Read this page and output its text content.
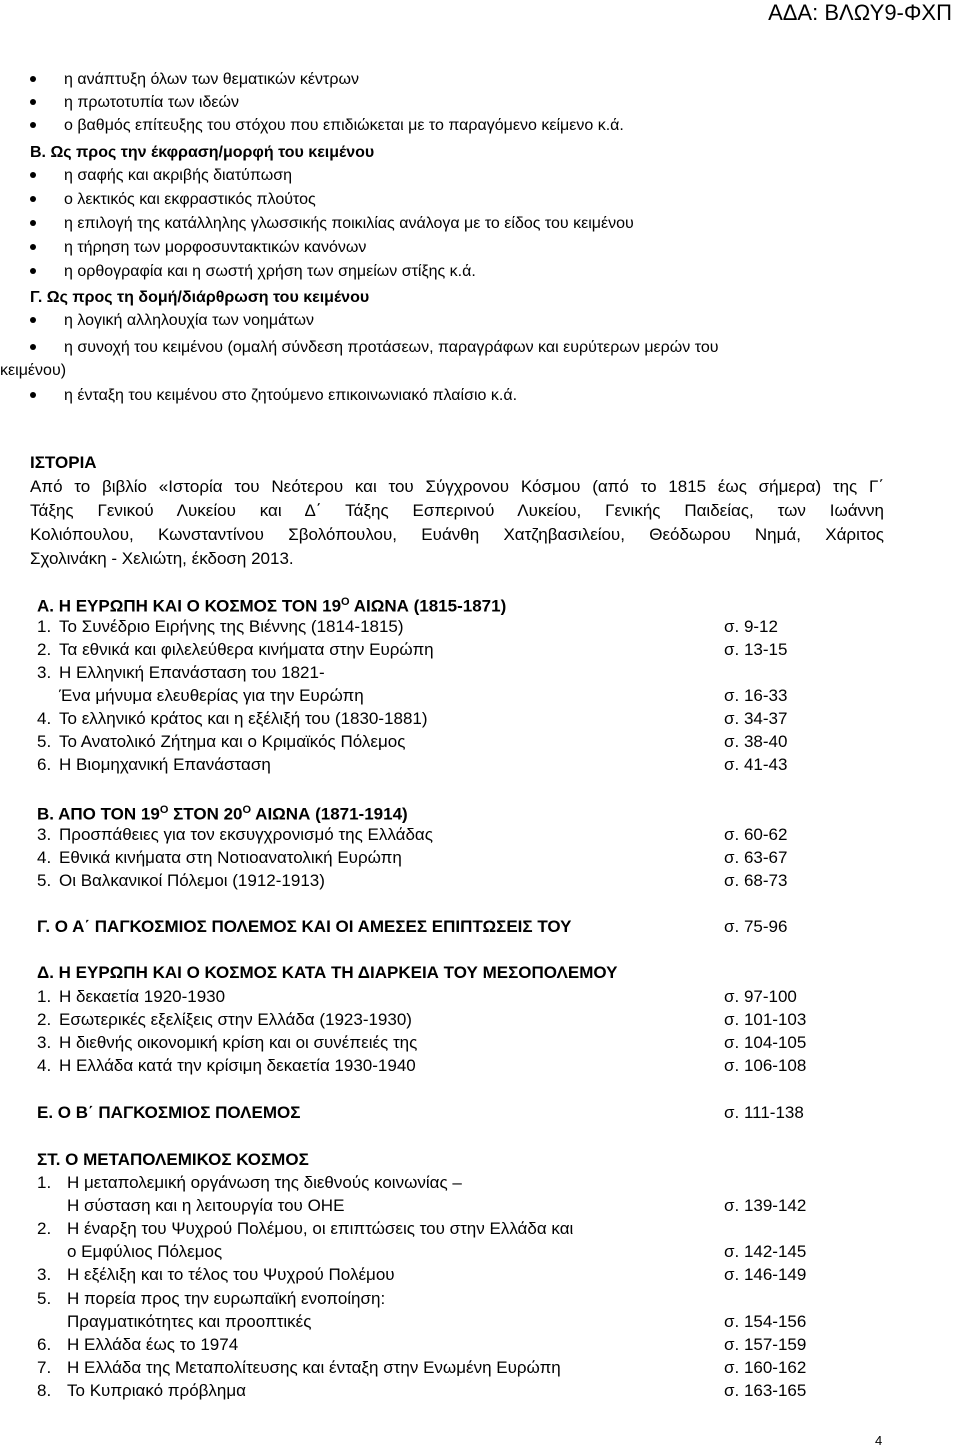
ΑΔΑ: ΒΛΩΥ9-ΦΧΠ
η ανάπτυξη όλων των θεματικών κέντρων
η πρωτοτυπία των ιδεών
ο βαθμός επίτευξης του στόχου που επιδιώκεται με το παραγόμενο κείμενο κ.ά.
Β. Ως προς την έκφραση/μορφή του κειμένου
η σαφής και ακριβής διατύπωση
ο λεκτικός και εκφραστικός πλούτος
η επιλογή της κατάλληλης γλωσσικής ποικιλίας ανάλογα με το είδος του κειμένου
η τήρηση των μορφοσυντακτικών κανόνων
η ορθογραφία και η σωστή χρήση των σημείων στίξης κ.ά.
Γ. Ως προς τη δομή/διάρθρωση του κειμένου
η λογική αλληλουχία των νοημάτων
η συνοχή του κειμένου (ομαλή σύνδεση προτάσεων, παραγράφων και ευρύτερων μερών του
κειμένου)
η ένταξη του κειμένου στο ζητούμενο επικοινωνιακό πλαίσιο κ.ά.
ΙΣΤΟΡΙΑ
Από το βιβλίο «Ιστορία του Νεότερου και του Σύγχρονου Κόσμου (από το 1815 έως σήμερα) της Γ΄
Τάξης Γενικού Λυκείου και Δ΄ Τάξης Εσπερινού Λυκείου, Γενικής Παιδείας, των Ιωάννη
Κολιόπουλου, Κωνσταντίνου Σβολόπουλου, Ευάνθη Χατζηβασιλείου, Θεόδωρου Νημά, Χάριτος
Σχολινάκη - Χελιώτη, έκδοση 2013.
Α. Η ΕΥΡΩΠΗ ΚΑΙ Ο ΚΟΣΜΟΣ ΤΟΝ $19^O$ ΑΙΩΝΑ (1815-1871)
1. Το Συνέδριο Ειρήνης της Βιέννης (1814-1815)	σ. 9-12
2. Τα εθνικά και φιλελεύθερα κινήματα στην Ευρώπη	σ. 13-15
3. Η Ελληνική Επανάσταση του 1821-
Ένα μήνυμα ελευθερίας για την Ευρώπη	σ. 16-33
4. Το ελληνικό κράτος και η εξέλιξή του (1830-1881)	σ. 34-37
5. Το Ανατολικό Ζήτημα και ο Κριμαϊκός Πόλεμος	σ. 38-40
6. Η Βιομηχανική Επανάσταση	σ. 41-43
Β. ΑΠΟ ΤΟΝ $19^O$ ΣΤΟΝ $20^O$ ΑΙΩΝΑ (1871-1914)
3. Προσπάθειες για τον εκσυγχρονισμό της Ελλάδας	σ. 60-62
4. Εθνικά κινήματα στη Νοτιοανατολική Ευρώπη	σ. 63-67
5. Οι Βαλκανικοί Πόλεμοι (1912-1913)	σ. 68-73
Γ. Ο Α΄ ΠΑΓΚΟΣΜΙΟΣ ΠΟΛΕΜΟΣ ΚΑΙ ΟΙ ΑΜΕΣΕΣ ΕΠΙΠΤΩΣΕΙΣ ΤΟΥ	σ. 75-96
Δ. Η ΕΥΡΩΠΗ ΚΑΙ Ο ΚΟΣΜΟΣ ΚΑΤΑ ΤΗ ΔΙΑΡΚΕΙΑ ΤΟΥ ΜΕΣΟΠΟΛΕΜΟΥ
1. Η δεκαετία 1920-1930	σ. 97-100
2. Εσωτερικές εξελίξεις στην Ελλάδα (1923-1930)	σ. 101-103
3. Η διεθνής οικονομική κρίση και οι συνέπειές της	σ. 104-105
4. Η Ελλάδα κατά την κρίσιμη δεκαετία 1930-1940	σ. 106-108
Ε. Ο Β΄ ΠΑΓΚΟΣΜΙΟΣ ΠΟΛΕΜΟΣ	σ. 111-138
ΣΤ. Ο ΜΕΤΑΠΟΛΕΜΙΚΟΣ ΚΟΣΜΟΣ
1. Η μεταπολεμική οργάνωση της διεθνούς κοινωνίας –
Η σύσταση και η λειτουργία του ΟΗΕ	σ. 139-142
2. Η έναρξη του Ψυχρού Πολέμου, οι επιπτώσεις του στην Ελλάδα και
ο Εμφύλιος Πόλεμος	σ. 142-145
3. Η εξέλιξη και το τέλος του Ψυχρού Πολέμου	σ. 146-149
5. Η πορεία προς την ευρωπαϊκή ενοποίηση:
Πραγματικότητες και προοπτικές	σ. 154-156
6. Η Ελλάδα έως το 1974	σ. 157-159
7. Η Ελλάδα της Μεταπολίτευσης και ένταξη στην Ενωμένη Ευρώπη	σ. 160-162
8. Το Κυπριακό πρόβλημα	σ. 163-165
4
